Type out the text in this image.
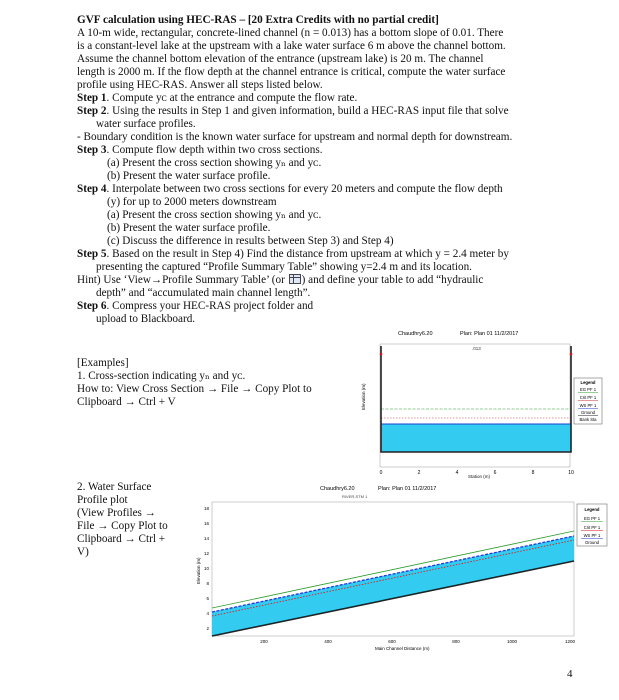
GVF calculation using HEC-RAS – [20 Extra Credits with no partial credit]
A 10-m wide, rectangular, concrete-lined channel (n = 0.013) has a bottom slope of 0.01. There
is a constant-level lake at the upstream with a lake water surface 6 m above the channel bottom.
Assume the channel bottom elevation of the entrance (upstream lake) is 20 m. The channel
length is 2000 m. If the flow depth at the channel entrance is critical, compute the water surface
profile using HEC-RAS. Answer all steps listed below.
Step 1. Compute yᴄ at the entrance and compute the flow rate.
Step 2. Using the results in Step 1 and given information, build a HEC-RAS input file that solve
water surface profiles.
- Boundary condition is the known water surface for upstream and normal depth for downstream.
Step 3. Compute flow depth within two cross sections.
(a) Present the cross section showing yₙ and yᴄ.
(b) Present the water surface profile.
Step 4. Interpolate between two cross sections for every 20 meters and compute the flow depth
(y) for up to 2000 meters downstream
(a) Present the cross section showing yₙ and yᴄ.
(b) Present the water surface profile.
(c) Discuss the difference in results between Step 3) and Step 4)
Step 5. Based on the result in Step 4) Find the distance from upstream at which y = 2.4 meter by
presenting the captured “Profile Summary Table” showing y=2.4 m and its location.
Hint) Use ‘View→Profile Summary Table’ (or ) and define your table to add “hydraulic
depth” and “accumulated main channel length”.
Step 6. Compress your HEC-RAS project folder and
upload to Blackboard.
[Examples]
1. Cross-section indicating yₙ and yᴄ.
How to: View Cross Section → File → Copy Plot to
Clipboard → Ctrl + V
2. Water Surface
Profile plot
(View Profiles →
File → Copy Plot to
Clipboard → Ctrl +
V)
Chaudhry6.20	Plan: Plan 01 11/2/2017
.013
Elevation (m)
0	2	4	6	8	10
Legend
EG PF 1
Crit PF 1
WS PF 1
Ground
Bank Sta
Station (m)
Chaudhry6.20	Plan: Plan 01 11/2/2017
RIVER-STM 1
18
16
14
12
10
8
6
4
2
Elevation (m)
200	400	600	800	1000	1200
Main Channel Distance (m)
Legend
EG PF 1
Crit PF 1
WS PF 1
Ground
4
